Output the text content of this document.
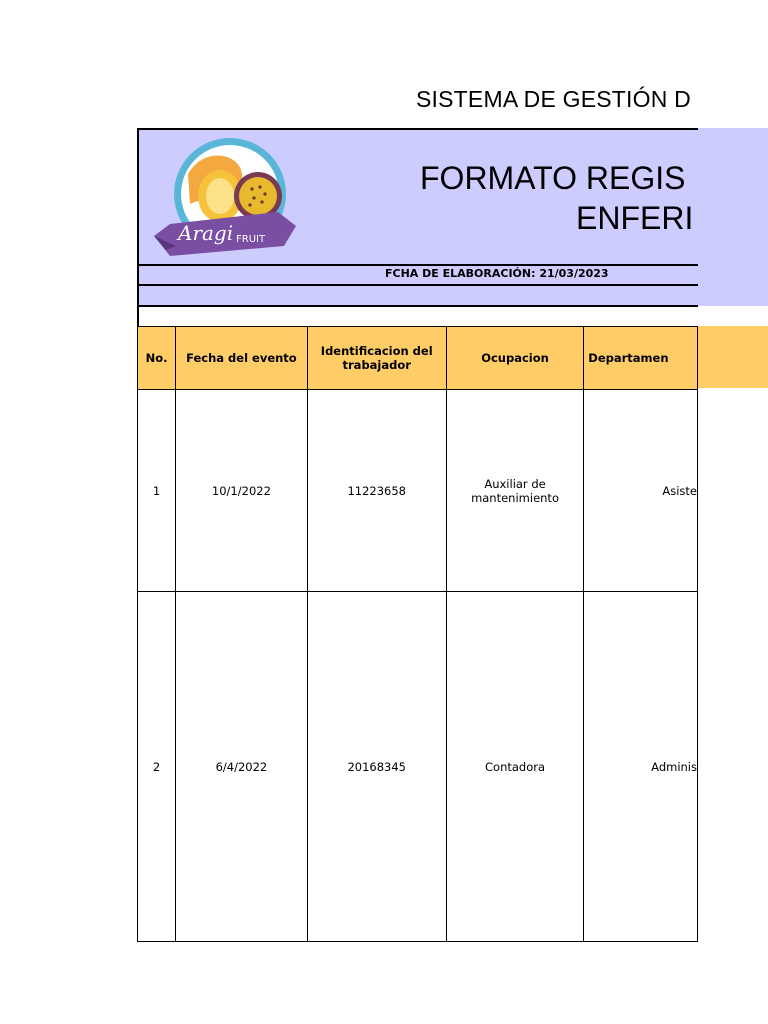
SISTEMA DE GESTIÓN D
Aragi FRUIT
FORMATO REGIS
ENFERI
FCHA DE ELABORACIÓN: 21/03/2023
No.	Fecha del evento	Identificacion del trabajador	Ocupacion	Departamen
1	10/1/2022	11223658	Auxiliar de mantenimiento	Asiste
2	6/4/2022	20168345	Contadora	Adminis
